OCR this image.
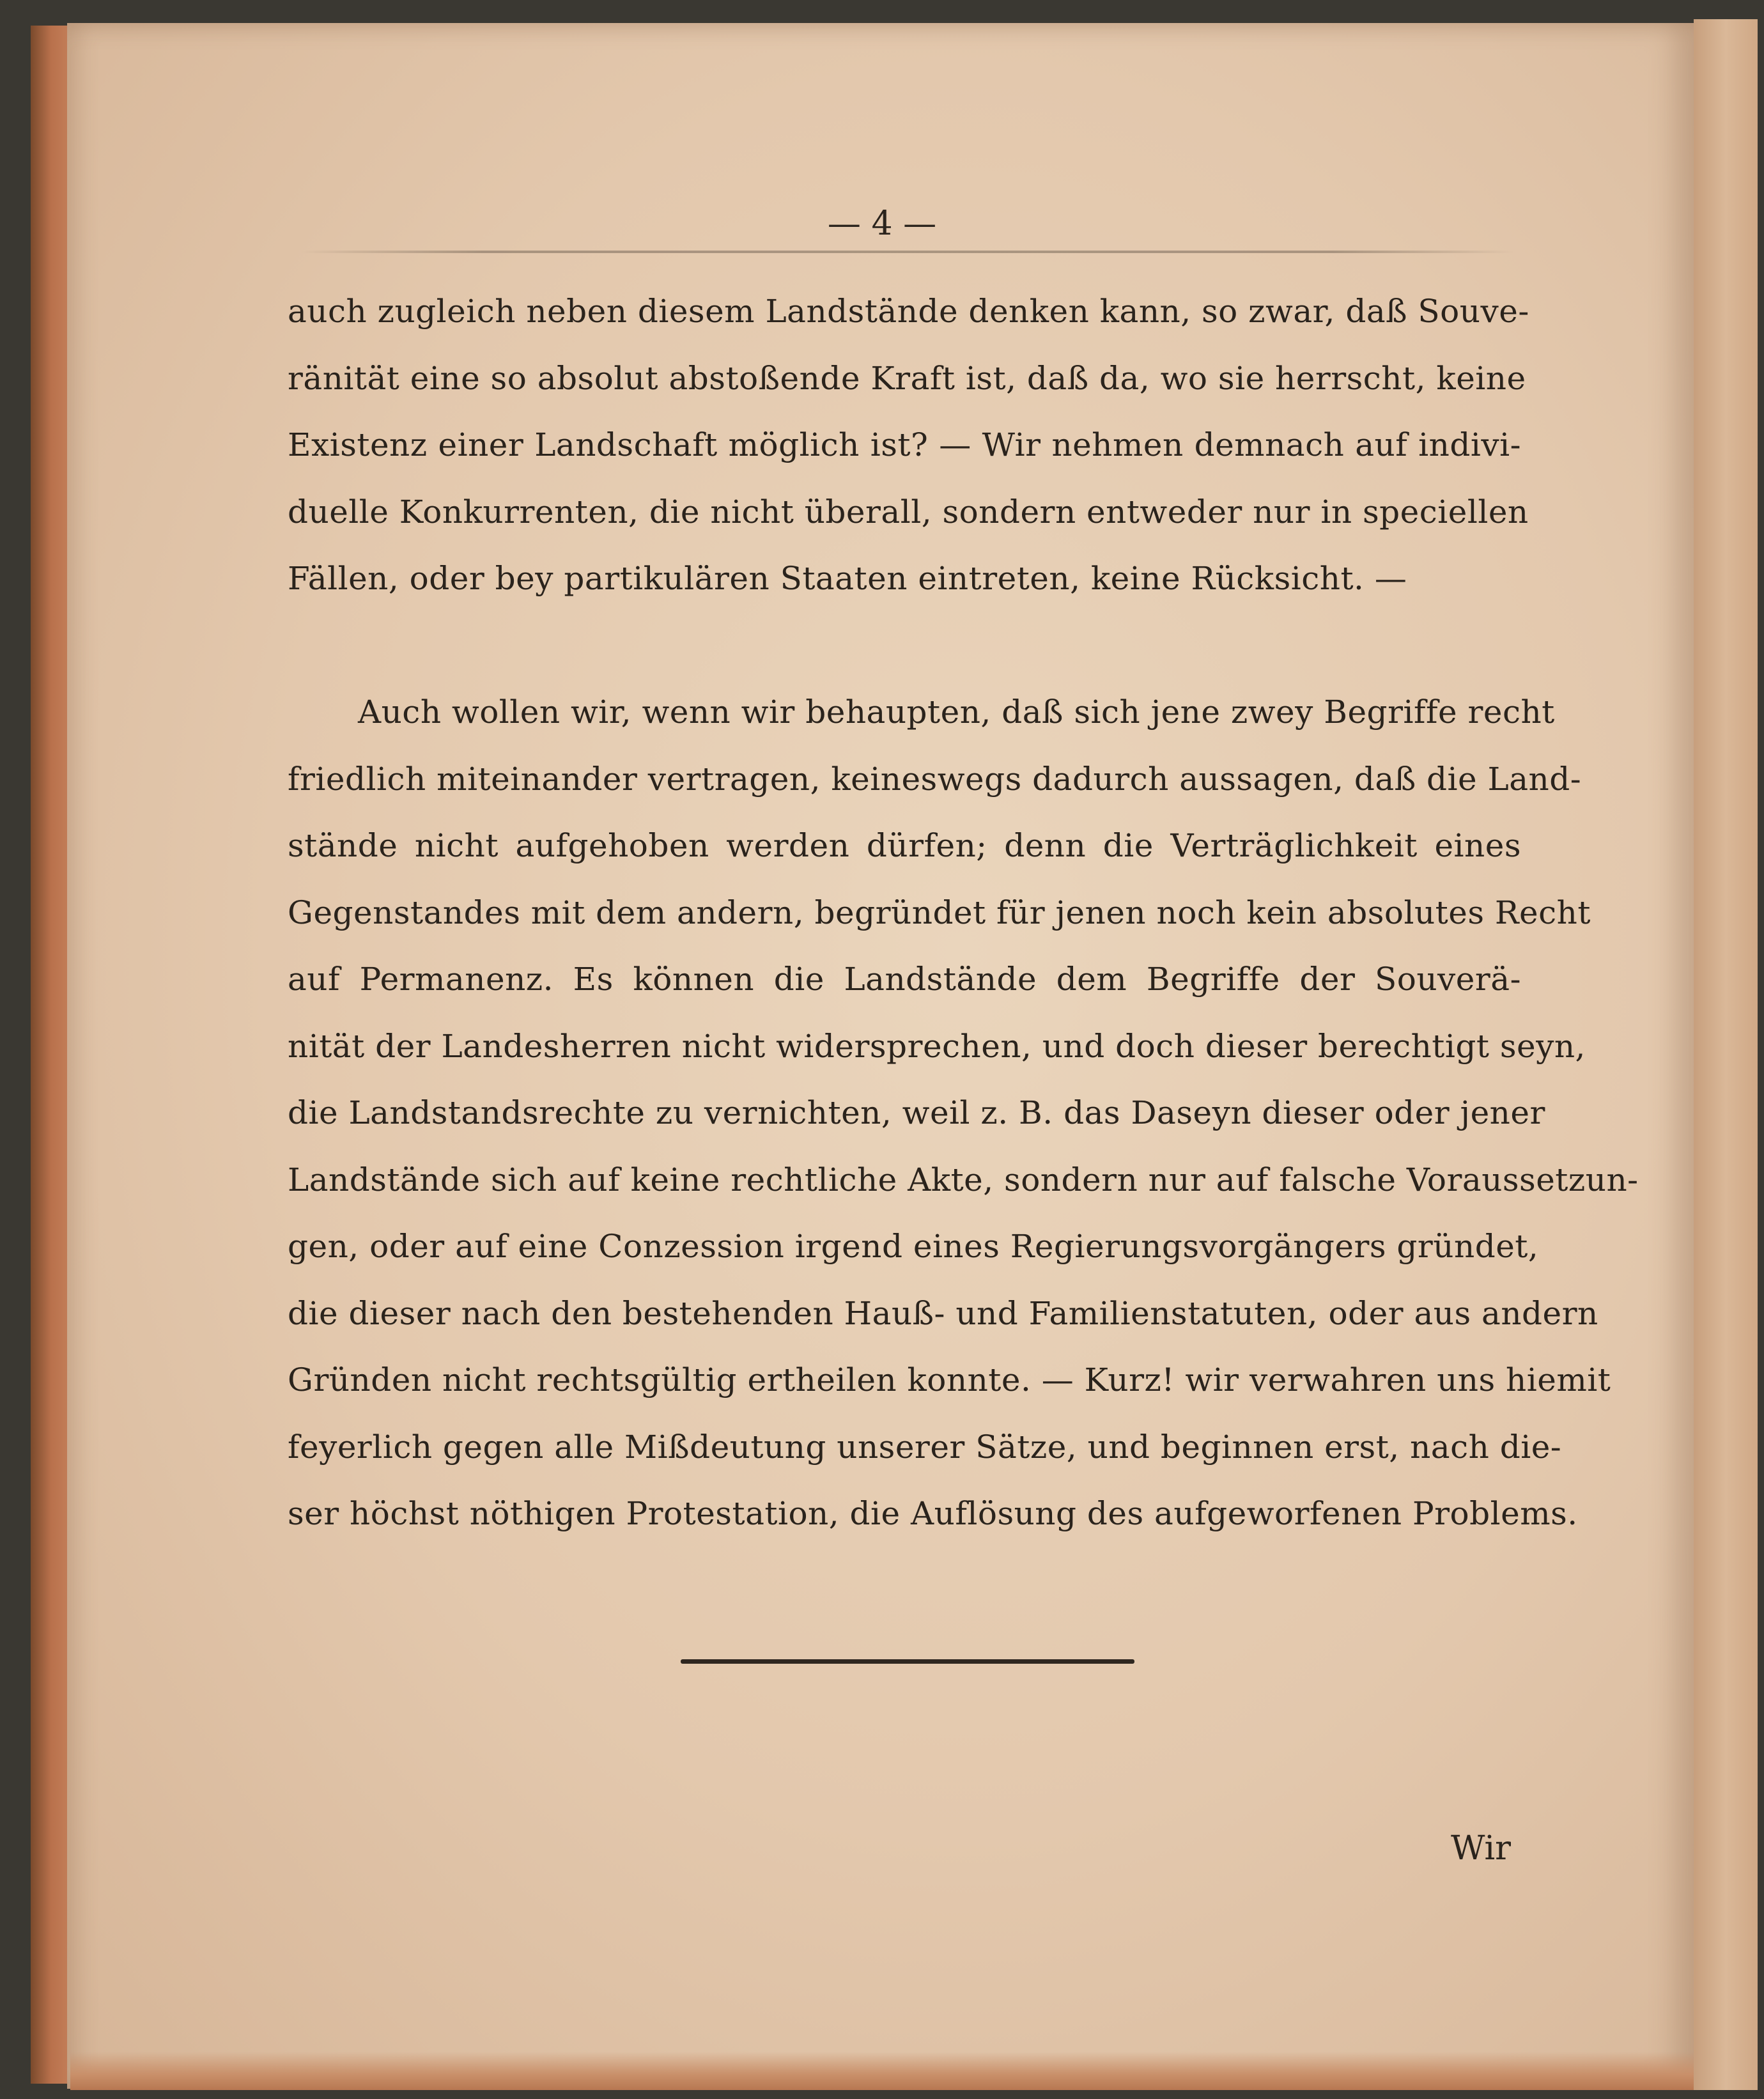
— 4 —
auch zugleich neben diesem Landstände denken kann, so zwar, daß Souve-
ränität eine so absolut abstoßende Kraft ist, daß da, wo sie herrscht, keine
Existenz einer Landschaft möglich ist? — Wir nehmen demnach auf indivi-
duelle Konkurrenten, die nicht überall, sondern entweder nur in speciellen
Fällen, oder bey partikulären Staaten eintreten, keine Rücksicht. —
Auch wollen wir, wenn wir behaupten, daß sich jene zwey Begriffe recht
friedlich miteinander vertragen, keineswegs dadurch aussagen, daß die Land-
stände nicht aufgehoben werden dürfen; denn die Verträglichkeit eines
Gegenstandes mit dem andern, begründet für jenen noch kein absolutes Recht
auf Permanenz. Es können die Landstände dem Begriffe der Souverä-
nität der Landesherren nicht widersprechen, und doch dieser berechtigt seyn,
die Landstandsrechte zu vernichten, weil z. B. das Daseyn dieser oder jener
Landstände sich auf keine rechtliche Akte, sondern nur auf falsche Voraussetzun-
gen, oder auf eine Conzession irgend eines Regierungsvorgängers gründet,
die dieser nach den bestehenden Hauß- und Familienstatuten, oder aus andern
Gründen nicht rechtsgültig ertheilen konnte. — Kurz! wir verwahren uns hiemit
feyerlich gegen alle Mißdeutung unserer Sätze, und beginnen erst, nach die-
ser höchst nöthigen Protestation, die Auflösung des aufgeworfenen Problems.
Wir
